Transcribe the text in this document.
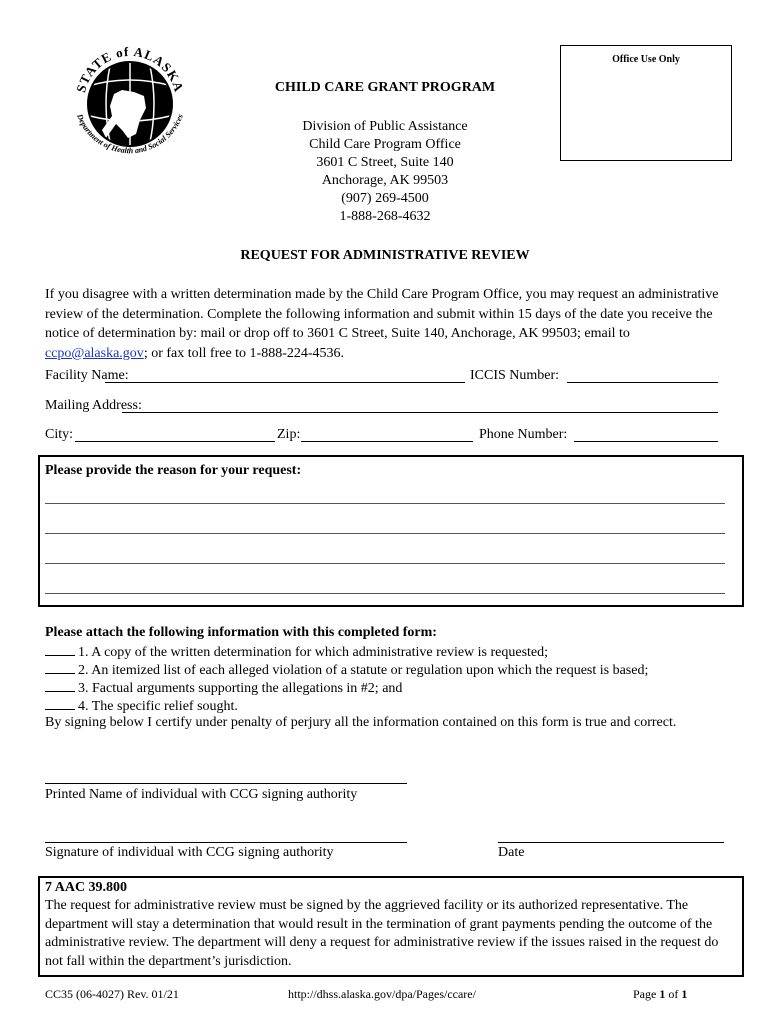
STATE of ALASKA
Department of Health and Social Services
Office Use Only
CHILD CARE GRANT PROGRAM
Division of Public Assistance
Child Care Program Office
3601 C Street, Suite 140
Anchorage, AK 99503
(907) 269-4500
1-888-268-4632
REQUEST FOR ADMINISTRATIVE REVIEW
If you disagree with a written determination made by the Child Care Program Office, you may request an administrative review of the determination. Complete the following information and submit within 15 days of the date you receive the notice of determination by: mail or drop off to 3601 C Street, Suite 140, Anchorage, AK 99503; email to ccpo@alaska.gov; or fax toll free to 1-888-224-4536.
Facility Name:	ICCIS Number:
Mailing Address:
City:	Zip:	Phone Number:
Please provide the reason for your request:
Please attach the following information with this completed form:
1. A copy of the written determination for which administrative review is requested;
2. An itemized list of each alleged violation of a statute or regulation upon which the request is based;
3. Factual arguments supporting the allegations in #2; and
4. The specific relief sought.
By signing below I certify under penalty of perjury all the information contained on this form is true and correct.
Printed Name of individual with CCG signing authority
Signature of individual with CCG signing authority	Date
7 AAC 39.800
The request for administrative review must be signed by the aggrieved facility or its authorized representative. The department will stay a determination that would result in the termination of grant payments pending the outcome of the administrative review. The department will deny a request for administrative review if the issues raised in the request do not fall within the department’s jurisdiction.
CC35 (06-4027) Rev. 01/21	http://dhss.alaska.gov/dpa/Pages/ccare/	Page 1 of 1
